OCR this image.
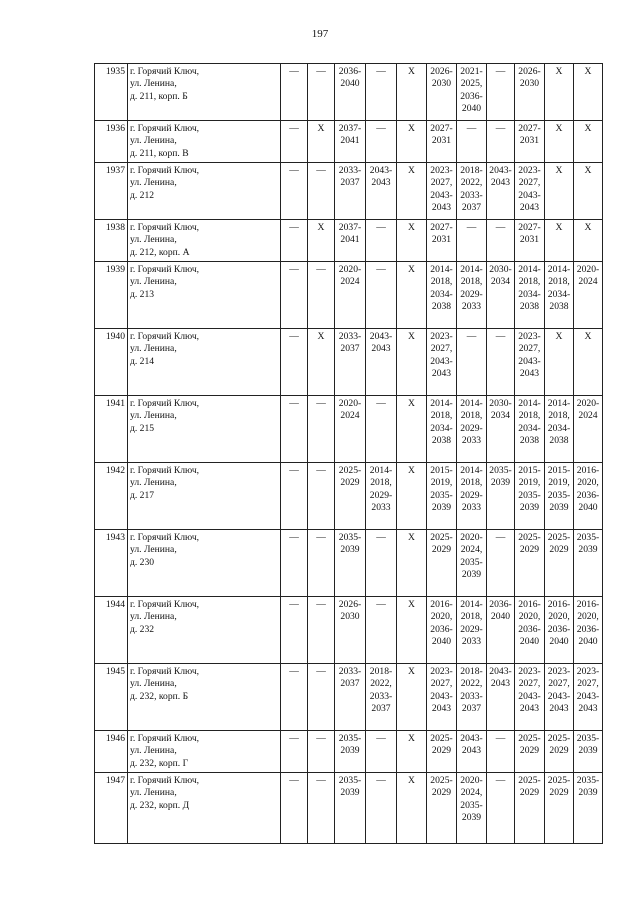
197
1935	г. Горячий Ключ,
ул. Ленина,
д. 211, корп. Б	—	—	2036-
2040	—	X	2026-
2030	2021-
2025,
2036-
2040	—	2026-
2030	X	X

1936	г. Горячий Ключ,
ул. Ленина,
д. 211, корп. В	—	X	2037-
2041	—	X	2027-
2031	—	—	2027-
2031	X	X

1937	г. Горячий Ключ,
ул. Ленина,
д. 212	—	—	2033-
2037	2043-
2043	X	2023-
2027,
2043-
2043	2018-
2022,
2033-
2037	2043-
2043	2023-
2027,
2043-
2043	X	X

1938	г. Горячий Ключ,
ул. Ленина,
д. 212, корп. А	—	X	2037-
2041	—	X	2027-
2031	—	—	2027-
2031	X	X

1939	г. Горячий Ключ,
ул. Ленина,
д. 213	—	—	2020-
2024	—	X	2014-
2018,
2034-
2038	2014-
2018,
2029-
2033	2030-
2034	2014-
2018,
2034-
2038	2014-
2018,
2034-
2038	2020-
2024

1940	г. Горячий Ключ,
ул. Ленина,
д. 214	—	X	2033-
2037	2043-
2043	X	2023-
2027,
2043-
2043	—	—	2023-
2027,
2043-
2043	X	X

1941	г. Горячий Ключ,
ул. Ленина,
д. 215	—	—	2020-
2024	—	X	2014-
2018,
2034-
2038	2014-
2018,
2029-
2033	2030-
2034	2014-
2018,
2034-
2038	2014-
2018,
2034-
2038	2020-
2024

1942	г. Горячий Ключ,
ул. Ленина,
д. 217	—	—	2025-
2029	2014-
2018,
2029-
2033	X	2015-
2019,
2035-
2039	2014-
2018,
2029-
2033	2035-
2039	2015-
2019,
2035-
2039	2015-
2019,
2035-
2039	2016-
2020,
2036-
2040

1943	г. Горячий Ключ,
ул. Ленина,
д. 230	—	—	2035-
2039	—	X	2025-
2029	2020-
2024,
2035-
2039	—	2025-
2029	2025-
2029	2035-
2039

1944	г. Горячий Ключ,
ул. Ленина,
д. 232	—	—	2026-
2030	—	X	2016-
2020,
2036-
2040	2014-
2018,
2029-
2033	2036-
2040	2016-
2020,
2036-
2040	2016-
2020,
2036-
2040	2016-
2020,
2036-
2040

1945	г. Горячий Ключ,
ул. Ленина,
д. 232, корп. Б	—	—	2033-
2037	2018-
2022,
2033-
2037	X	2023-
2027,
2043-
2043	2018-
2022,
2033-
2037	2043-
2043	2023-
2027,
2043-
2043	2023-
2027,
2043-
2043	2023-
2027,
2043-
2043

1946	г. Горячий Ключ,
ул. Ленина,
д. 232, корп. Г	—	—	2035-
2039	—	X	2025-
2029	2043-
2043	—	2025-
2029	2025-
2029	2035-
2039

1947	г. Горячий Ключ,
ул. Ленина,
д. 232, корп. Д	—	—	2035-
2039	—	X	2025-
2029	2020-
2024,
2035-
2039	—	2025-
2029	2025-
2029	2035-
2039
